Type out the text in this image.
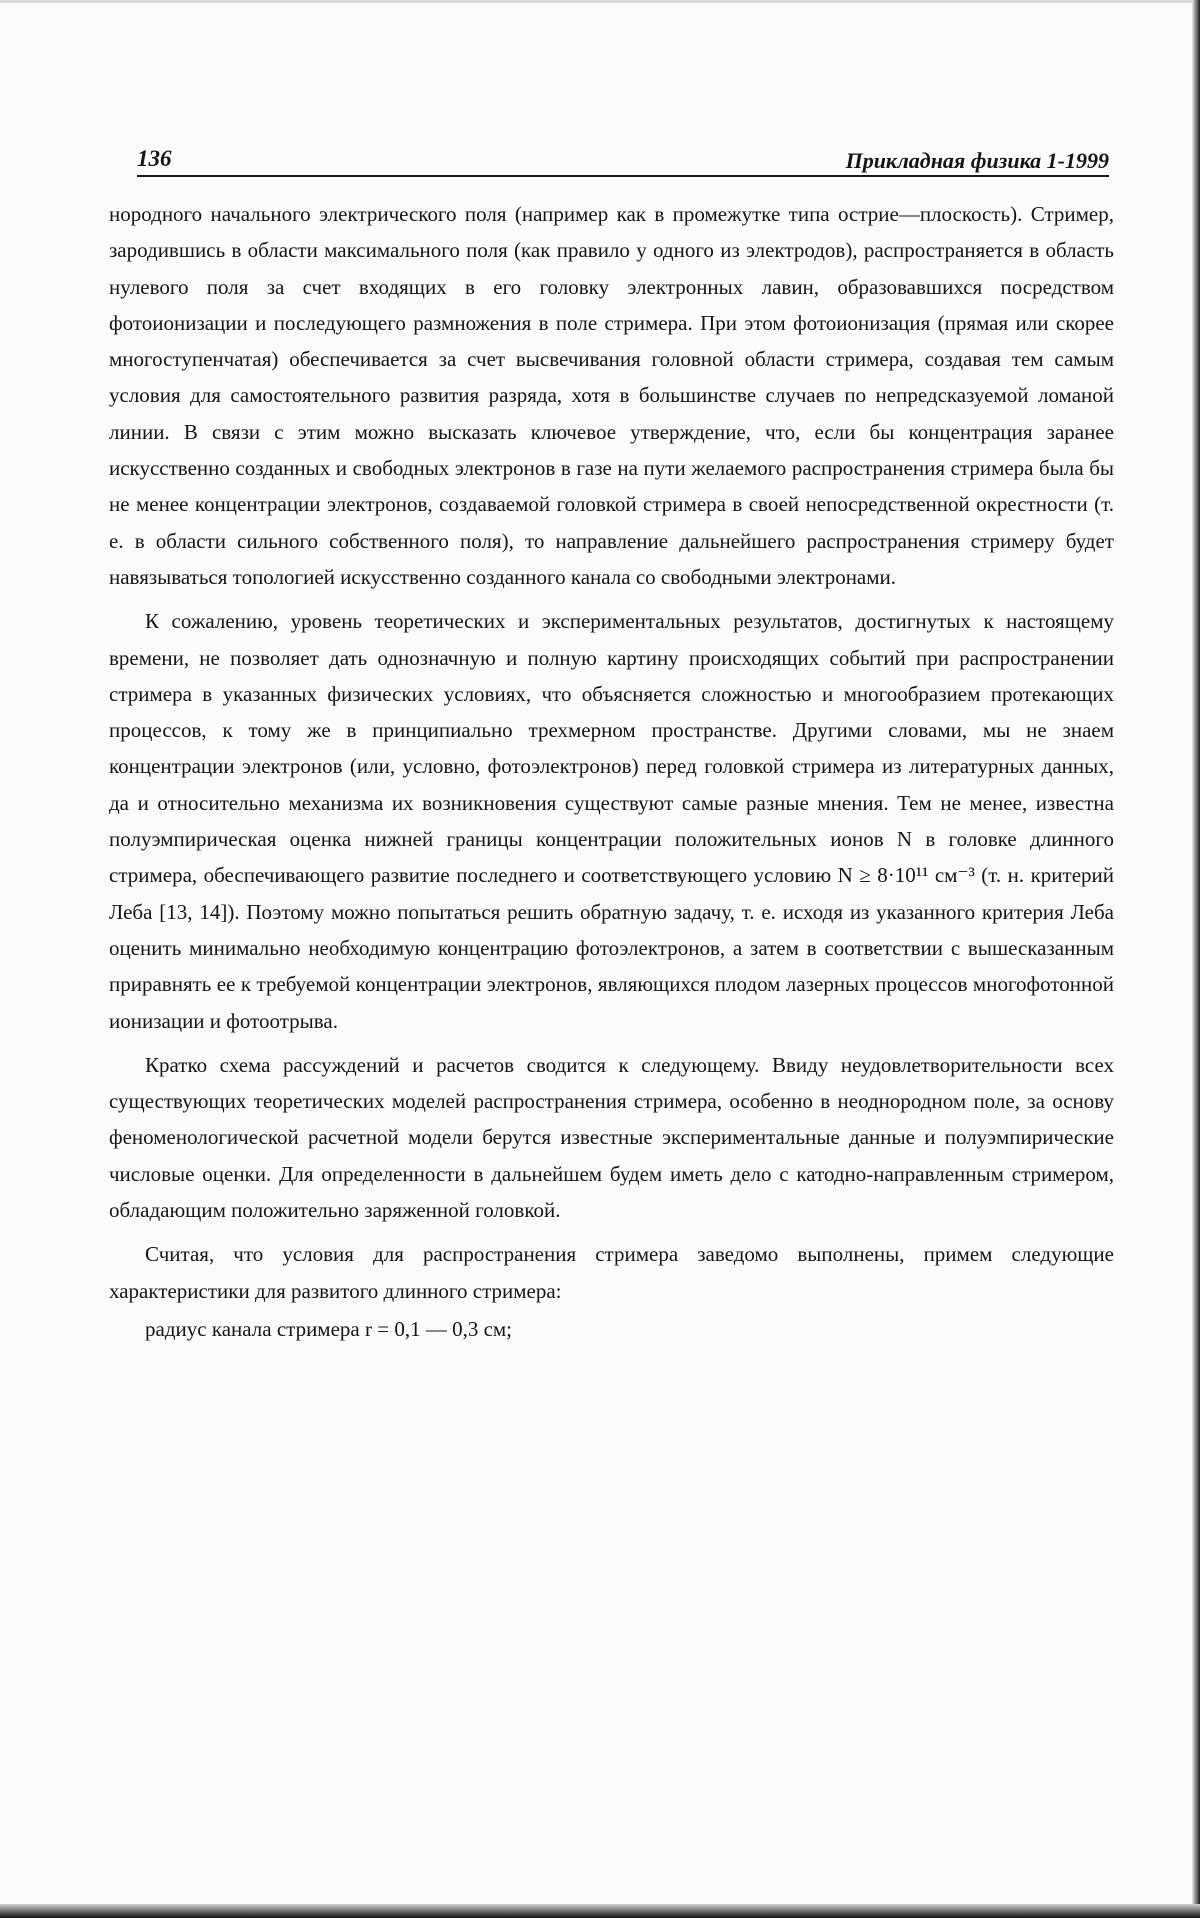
136	Прикладная физика 1-1999

нородного начального электрического поля (например как в промежутке типа острие—плоскость). Стример, зародившись в области максимального поля (как правило у одного из электродов), распространяется в область нулевого поля за счет входящих в его головку электронных лавин, образовавшихся посредством фотоионизации и последующего размножения в поле стримера. При этом фотоионизация (прямая или скорее многоступенчатая) обеспечивается за счет высвечивания головной области стримера, создавая тем самым условия для самостоятельного развития разряда, хотя в большинстве случаев по непредсказуемой ломаной линии. В связи с этим можно высказать ключевое утверждение, что, если бы концентрация заранее искусственно созданных и свободных электронов в газе на пути желаемого распространения стримера была бы не менее концентрации электронов, создаваемой головкой стримера в своей непосредственной окрестности (т. е. в области сильного собственного поля), то направление дальнейшего распространения стримеру будет навязываться топологией искусственно созданного канала со свободными электронами.

К сожалению, уровень теоретических и экспериментальных результатов, достигнутых к настоящему времени, не позволяет дать однозначную и полную картину происходящих событий при распространении стримера в указанных физических условиях, что объясняется сложностью и многообразием протекающих процессов, к тому же в принципиально трехмерном пространстве. Другими словами, мы не знаем концентрации электронов (или, условно, фотоэлектронов) перед головкой стримера из литературных данных, да и относительно механизма их возникновения существуют самые разные мнения. Тем не менее, известна полуэмпирическая оценка нижней границы концентрации положительных ионов N в головке длинного стримера, обеспечивающего развитие последнего и соответствующего условию N ≥ 8·10¹¹ см⁻³ (т. н. критерий Леба [13, 14]). Поэтому можно попытаться решить обратную задачу, т. е. исходя из указанного критерия Леба оценить минимально необходимую концентрацию фотоэлектронов, а затем в соответствии с вышесказанным приравнять ее к требуемой концентрации электронов, являющихся плодом лазерных процессов многофотонной ионизации и фотоотрыва.

Кратко схема рассуждений и расчетов сводится к следующему. Ввиду неудовлетворительности всех существующих теоретических моделей распространения стримера, особенно в неоднородном поле, за основу феноменологической расчетной модели берутся известные экспериментальные данные и полуэмпирические числовые оценки. Для определенности в дальнейшем будем иметь дело с катодно-направленным стримером, обладающим положительно заряженной головкой.

Считая, что условия для распространения стримера заведомо выполнены, примем следующие характеристики для развитого длинного стримера:

радиус канала стримера r = 0,1 — 0,3 см;
